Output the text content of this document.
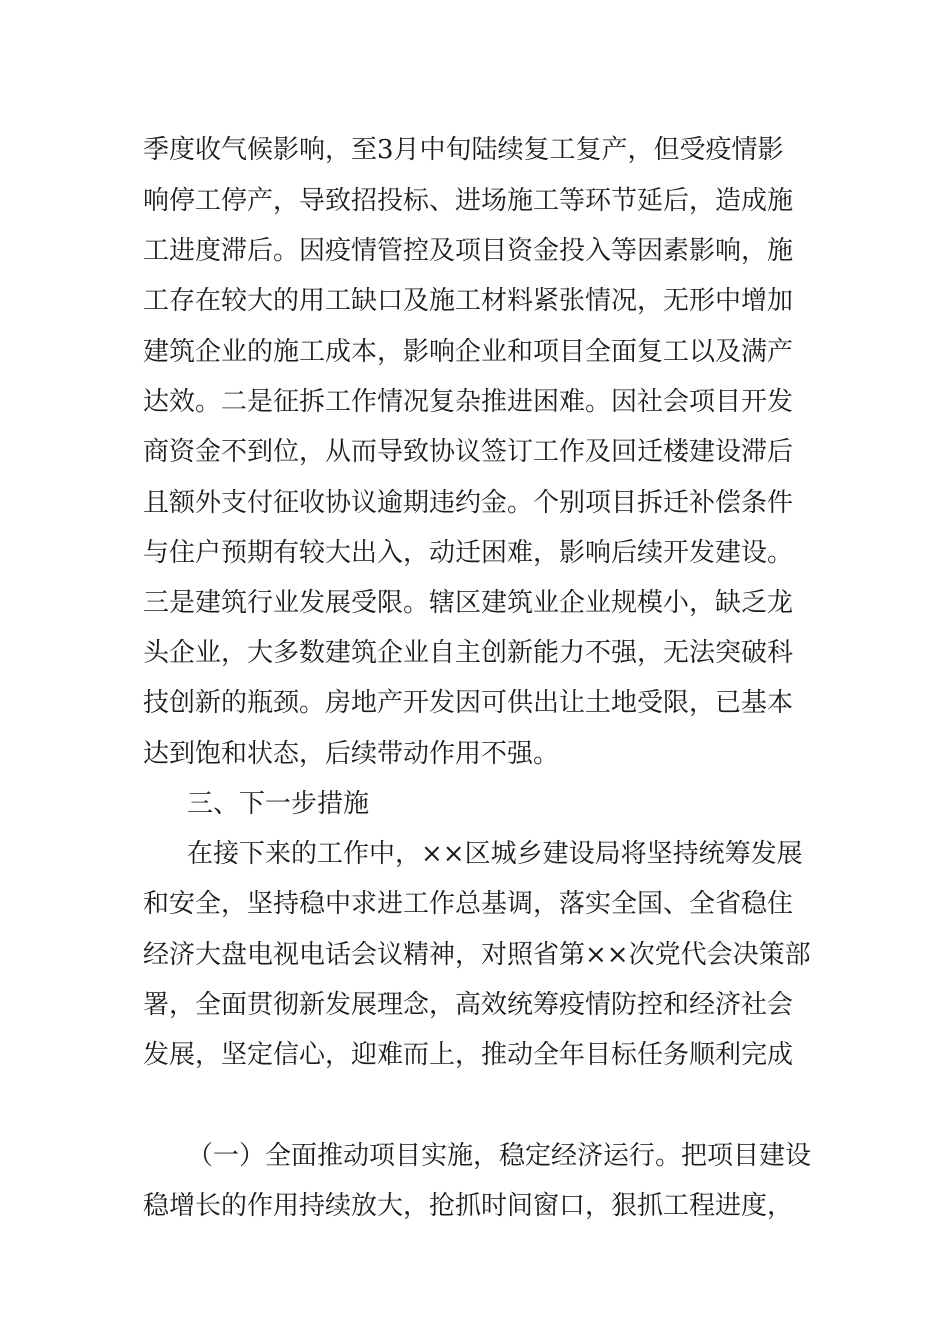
季度收气候影响，至3月中旬陆续复工复产，但受疫情影
响停工停产，导致招投标、进场施工等环节延后，造成施
工进度滞后。因疫情管控及项目资金投入等因素影响，施
工存在较大的用工缺口及施工材料紧张情况，无形中增加
建筑企业的施工成本，影响企业和项目全面复工以及满产
达效。二是征拆工作情况复杂推进困难。因社会项目开发
商资金不到位，从而导致协议签订工作及回迁楼建设滞后
且额外支付征收协议逾期违约金。个别项目拆迁补偿条件
与住户预期有较大出入，动迁困难，影响后续开发建设。
三是建筑行业发展受限。辖区建筑业企业规模小，缺乏龙
头企业，大多数建筑企业自主创新能力不强，无法突破科
技创新的瓶颈。房地产开发因可供出让土地受限，已基本
达到饱和状态，后续带动作用不强。
三、下一步措施
在接下来的工作中，××区城乡建设局将坚持统筹发展
和安全，坚持稳中求进工作总基调，落实全国、全省稳住
经济大盘电视电话会议精神，对照省第××次党代会决策部
署，全面贯彻新发展理念，高效统筹疫情防控和经济社会
发展，坚定信心，迎难而上，推动全年目标任务顺利完成
（一）全面推动项目实施，稳定经济运行。把项目建设
稳增长的作用持续放大，抢抓时间窗口，狠抓工程进度，
